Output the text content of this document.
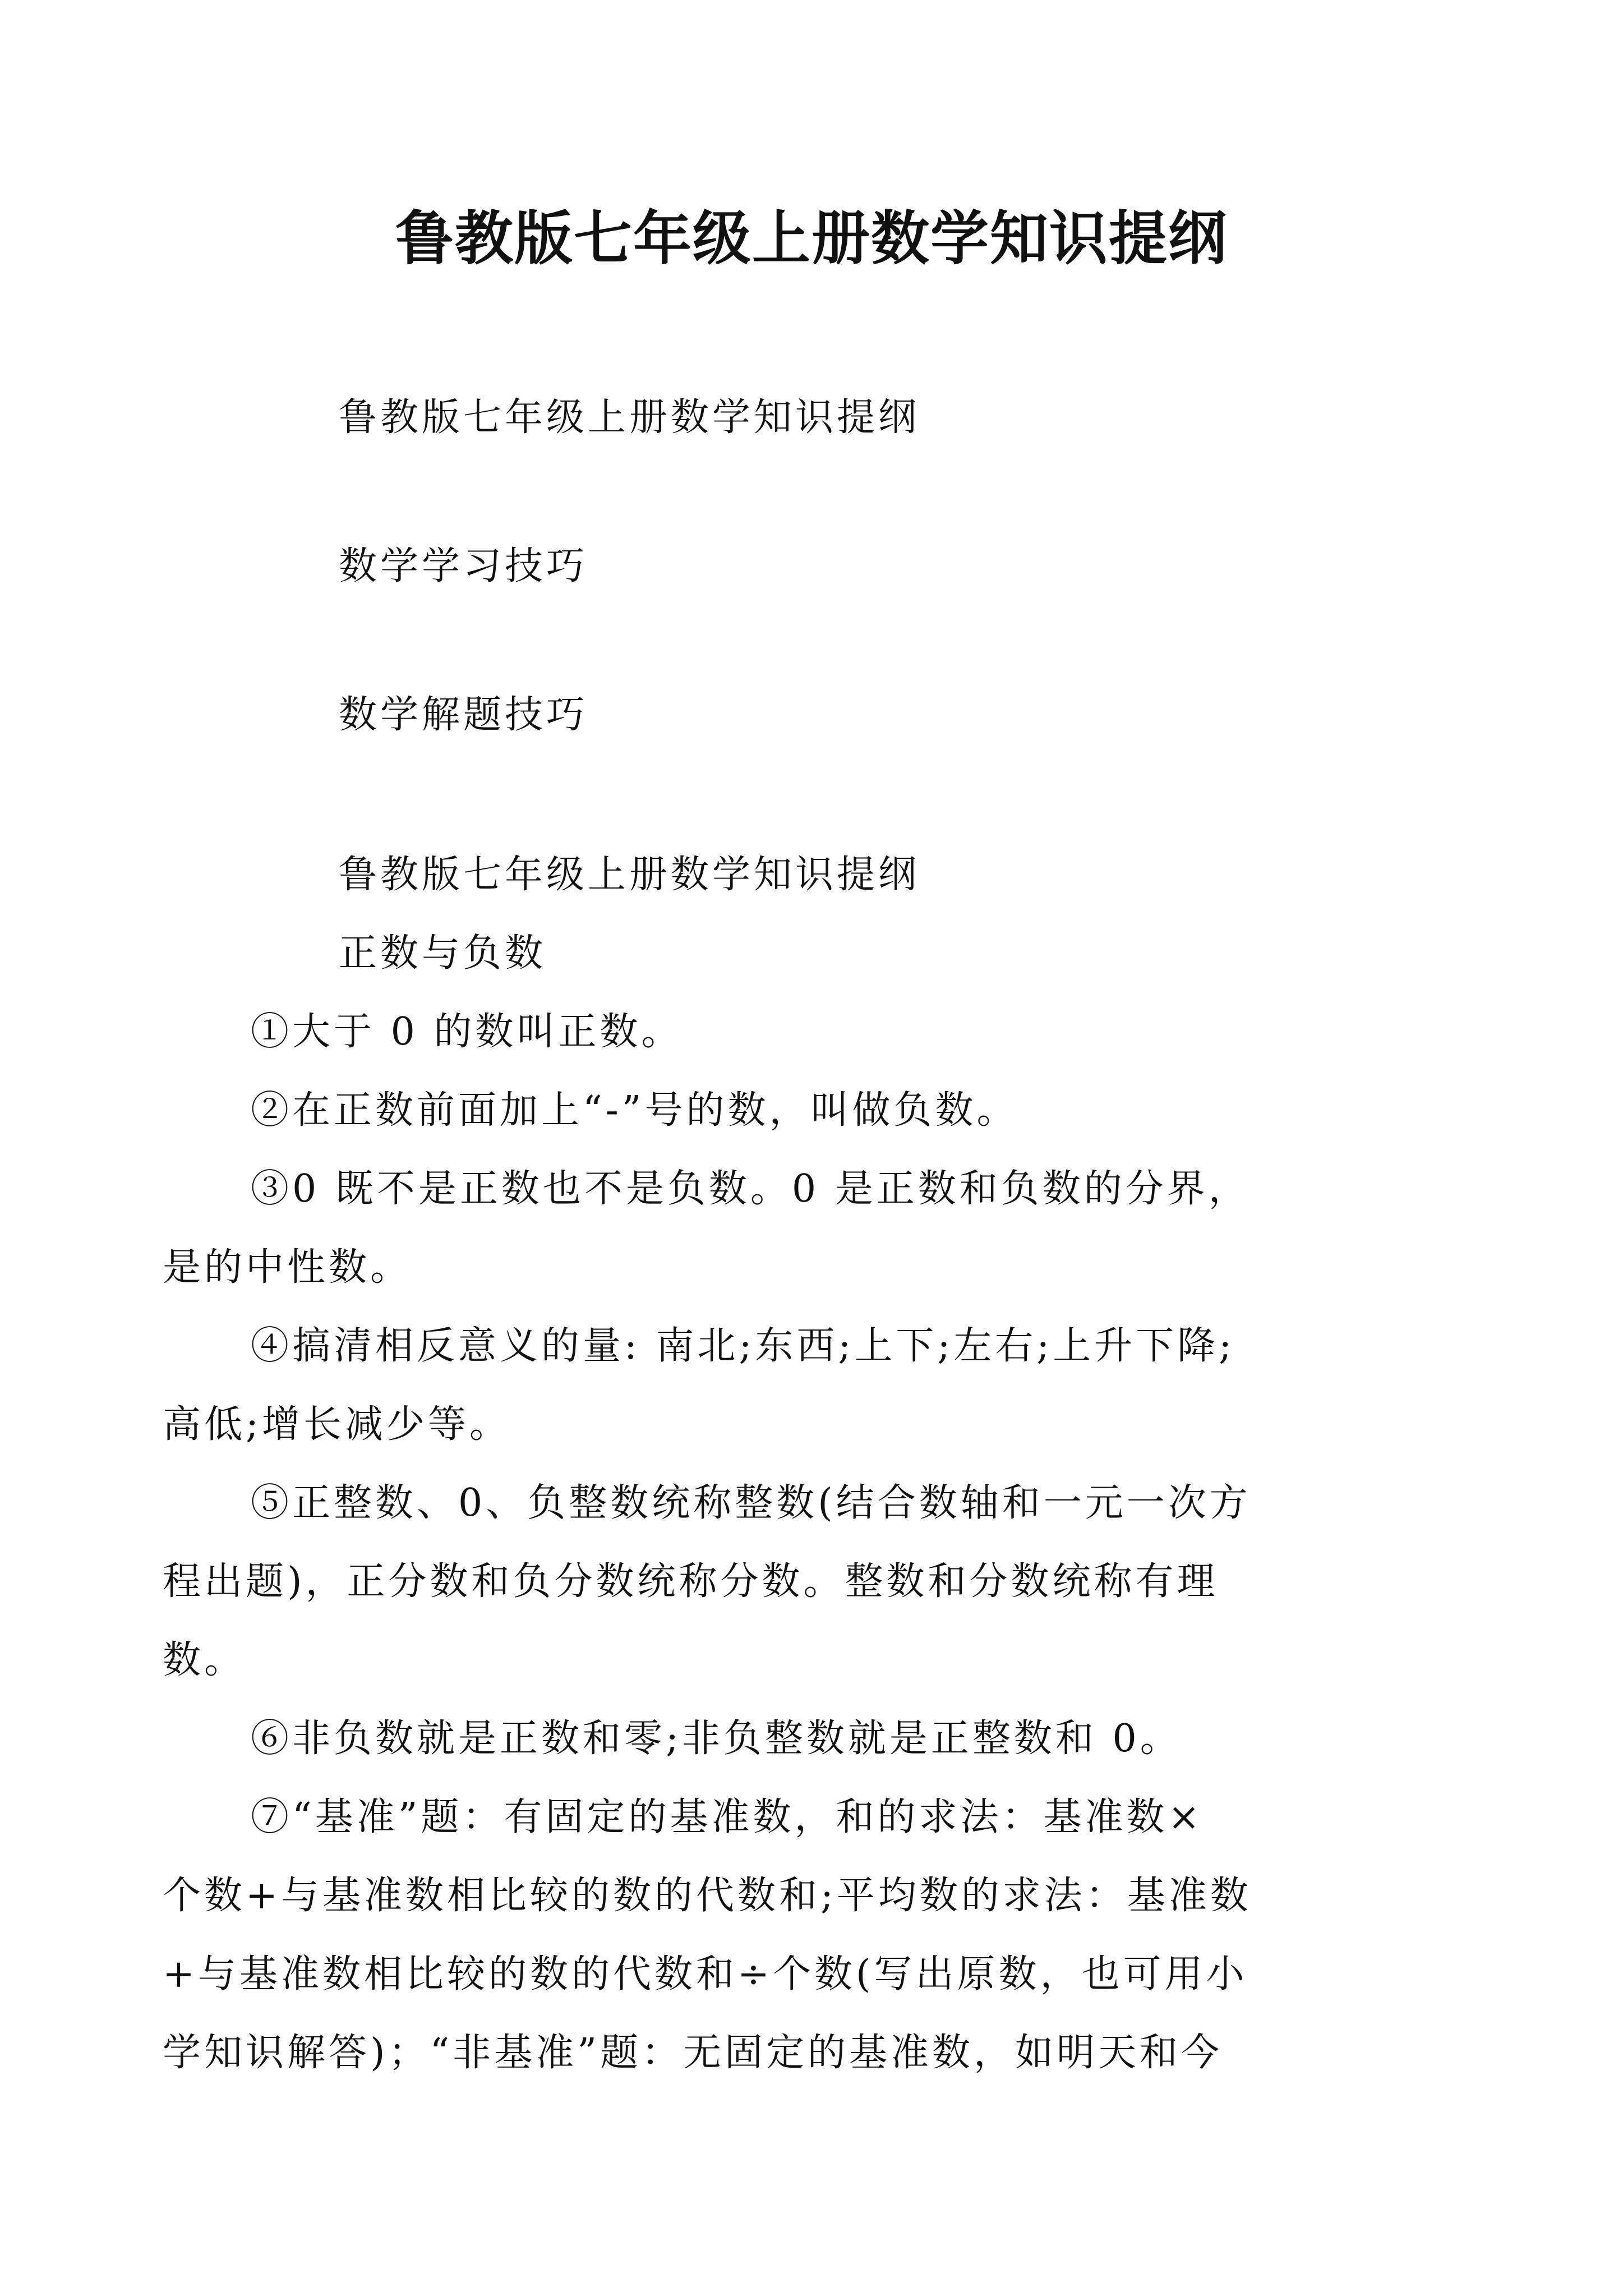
鲁教版七年级上册数学知识提纲

鲁教版七年级上册数学知识提纲

数学学习技巧

数学解题技巧

鲁教版七年级上册数学知识提纲

正数与负数

①大于 0 的数叫正数。

②在正数前面加上“-”号的数，叫做负数。

③0 既不是正数也不是负数。0 是正数和负数的分界，
是的中性数。

④搞清相反意义的量: 南北;东西;上下;左右;上升下降;
高低;增长减少等。

⑤正整数、0、负整数统称整数(结合数轴和一元一次方
程出题)，正分数和负分数统称分数。整数和分数统称有理
数。

⑥非负数就是正数和零;非负整数就是正整数和 0。

⑦“基准”题：有固定的基准数，和的求法：基准数×
个数+与基准数相比较的数的代数和;平均数的求法：基准数
+与基准数相比较的数的代数和÷个数(写出原数，也可用小
学知识解答)；“非基准”题：无固定的基准数，如明天和今
